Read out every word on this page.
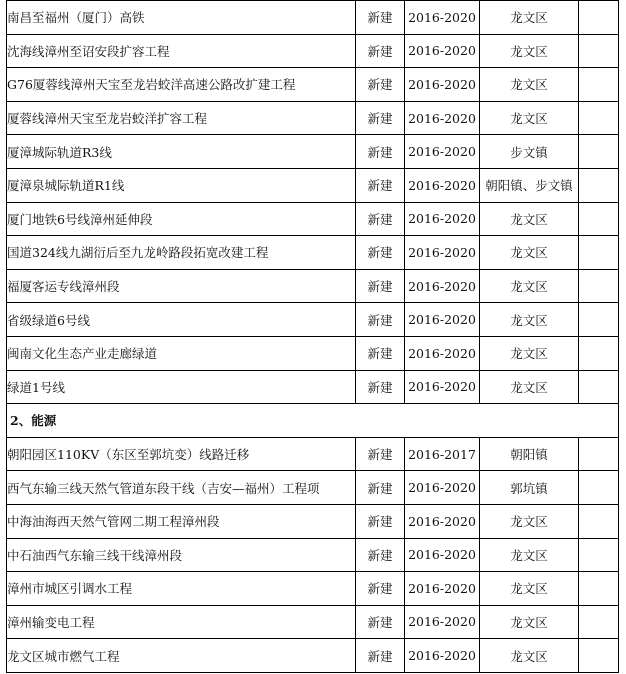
南昌至福州（厦门）高铁	新建	2016-2020	龙文区	
沈海线漳州至诏安段扩容工程	新建	2016-2020	龙文区	
G76厦蓉线漳州天宝至龙岩蛟洋高速公路改扩建工程	新建	2016-2020	龙文区	
厦蓉线漳州天宝至龙岩蛟洋扩容工程	新建	2016-2020	龙文区	
厦漳城际轨道R3线	新建	2016-2020	步文镇	
厦漳泉城际轨道R1线	新建	2016-2020	朝阳镇、步文镇	
厦门地铁6号线漳州延伸段	新建	2016-2020	龙文区	
国道324线九湖衍后至九龙岭路段拓宽改建工程	新建	2016-2020	龙文区	
福厦客运专线漳州段	新建	2016-2020	龙文区	
省级绿道6号线	新建	2016-2020	龙文区	
闽南文化生态产业走廊绿道	新建	2016-2020	龙文区	
绿道1号线	新建	2016-2020	龙文区	
2、能源				
朝阳园区110KV（东区至郭坑变）线路迁移	新建	2016-2017	朝阳镇	
西气东输三线天然气管道东段干线（吉安—福州）工程项	新建	2016-2020	郭坑镇	
中海油海西天然气管网二期工程漳州段	新建	2016-2020	龙文区	
中石油西气东输三线干线漳州段	新建	2016-2020	龙文区	
漳州市城区引调水工程	新建	2016-2020	龙文区	
漳州输变电工程	新建	2016-2020	龙文区	
龙文区城市燃气工程	新建	2016-2020	龙文区	
